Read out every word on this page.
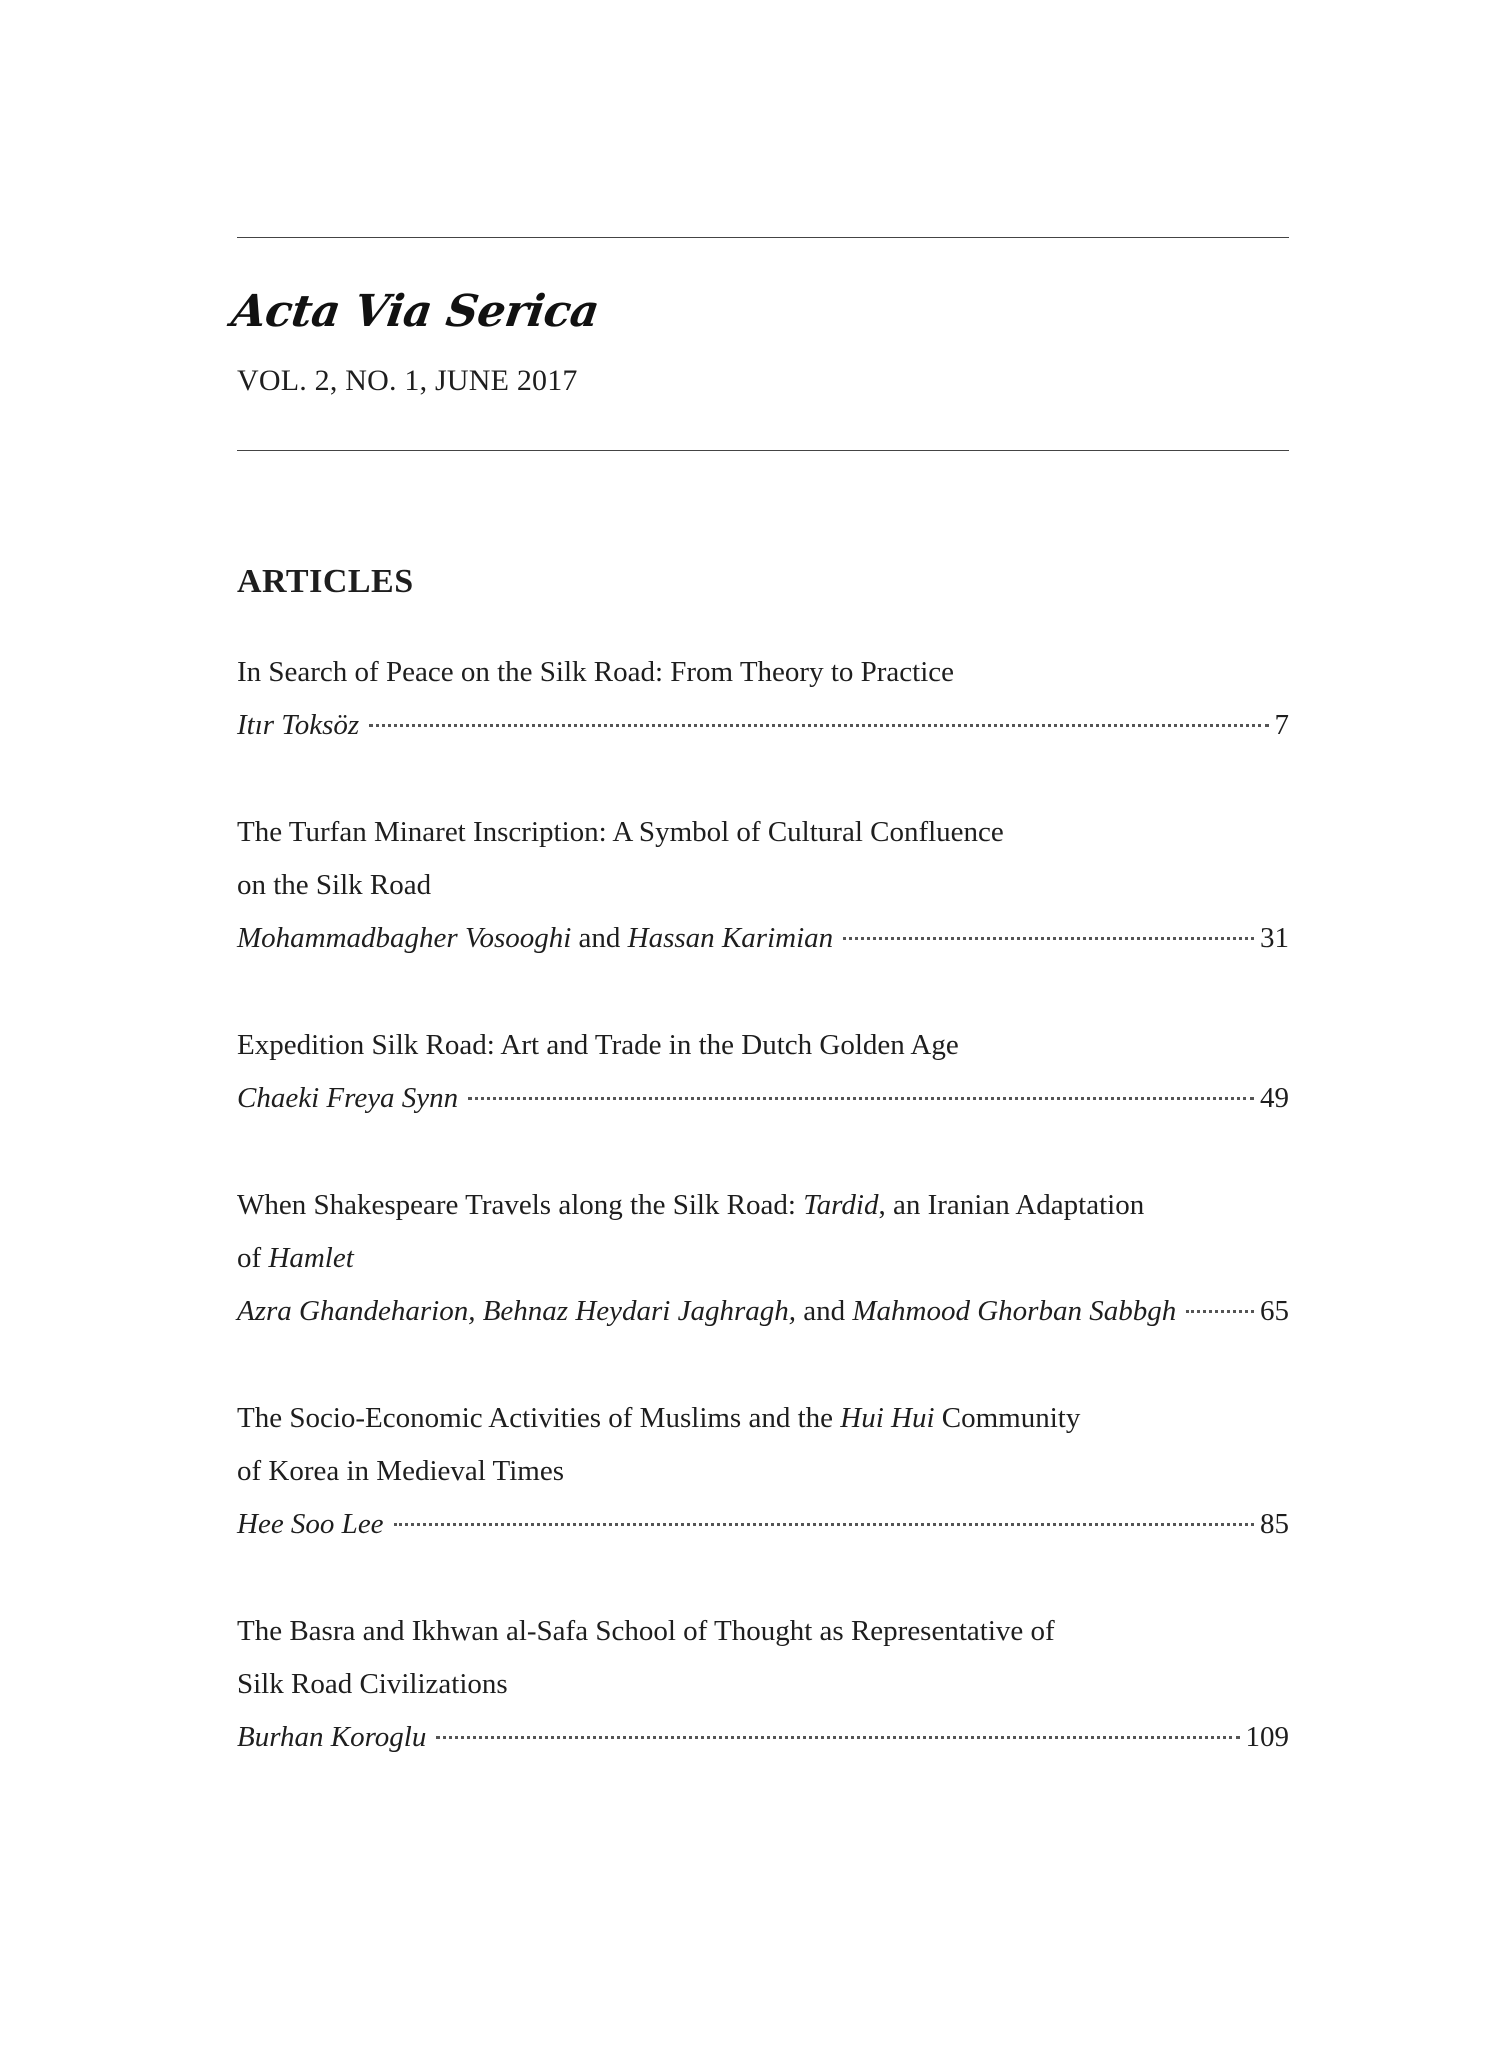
Acta Via Serica
VOL. 2, NO. 1, JUNE 2017
ARTICLES
In Search of Peace on the Silk Road: From Theory to Practice
Itır Toksöz	7
The Turfan Minaret Inscription: A Symbol of Cultural Confluence
on the Silk Road
Mohammadbagher Vosooghi and Hassan Karimian	31
Expedition Silk Road: Art and Trade in the Dutch Golden Age
Chaeki Freya Synn	49
When Shakespeare Travels along the Silk Road: Tardid, an Iranian Adaptation
of Hamlet
Azra Ghandeharion, Behnaz Heydari Jaghragh, and Mahmood Ghorban Sabbgh	65
The Socio-Economic Activities of Muslims and the Hui Hui Community
of Korea in Medieval Times
Hee Soo Lee	85
The Basra and Ikhwan al-Safa School of Thought as Representative of
Silk Road Civilizations
Burhan Koroglu	109
